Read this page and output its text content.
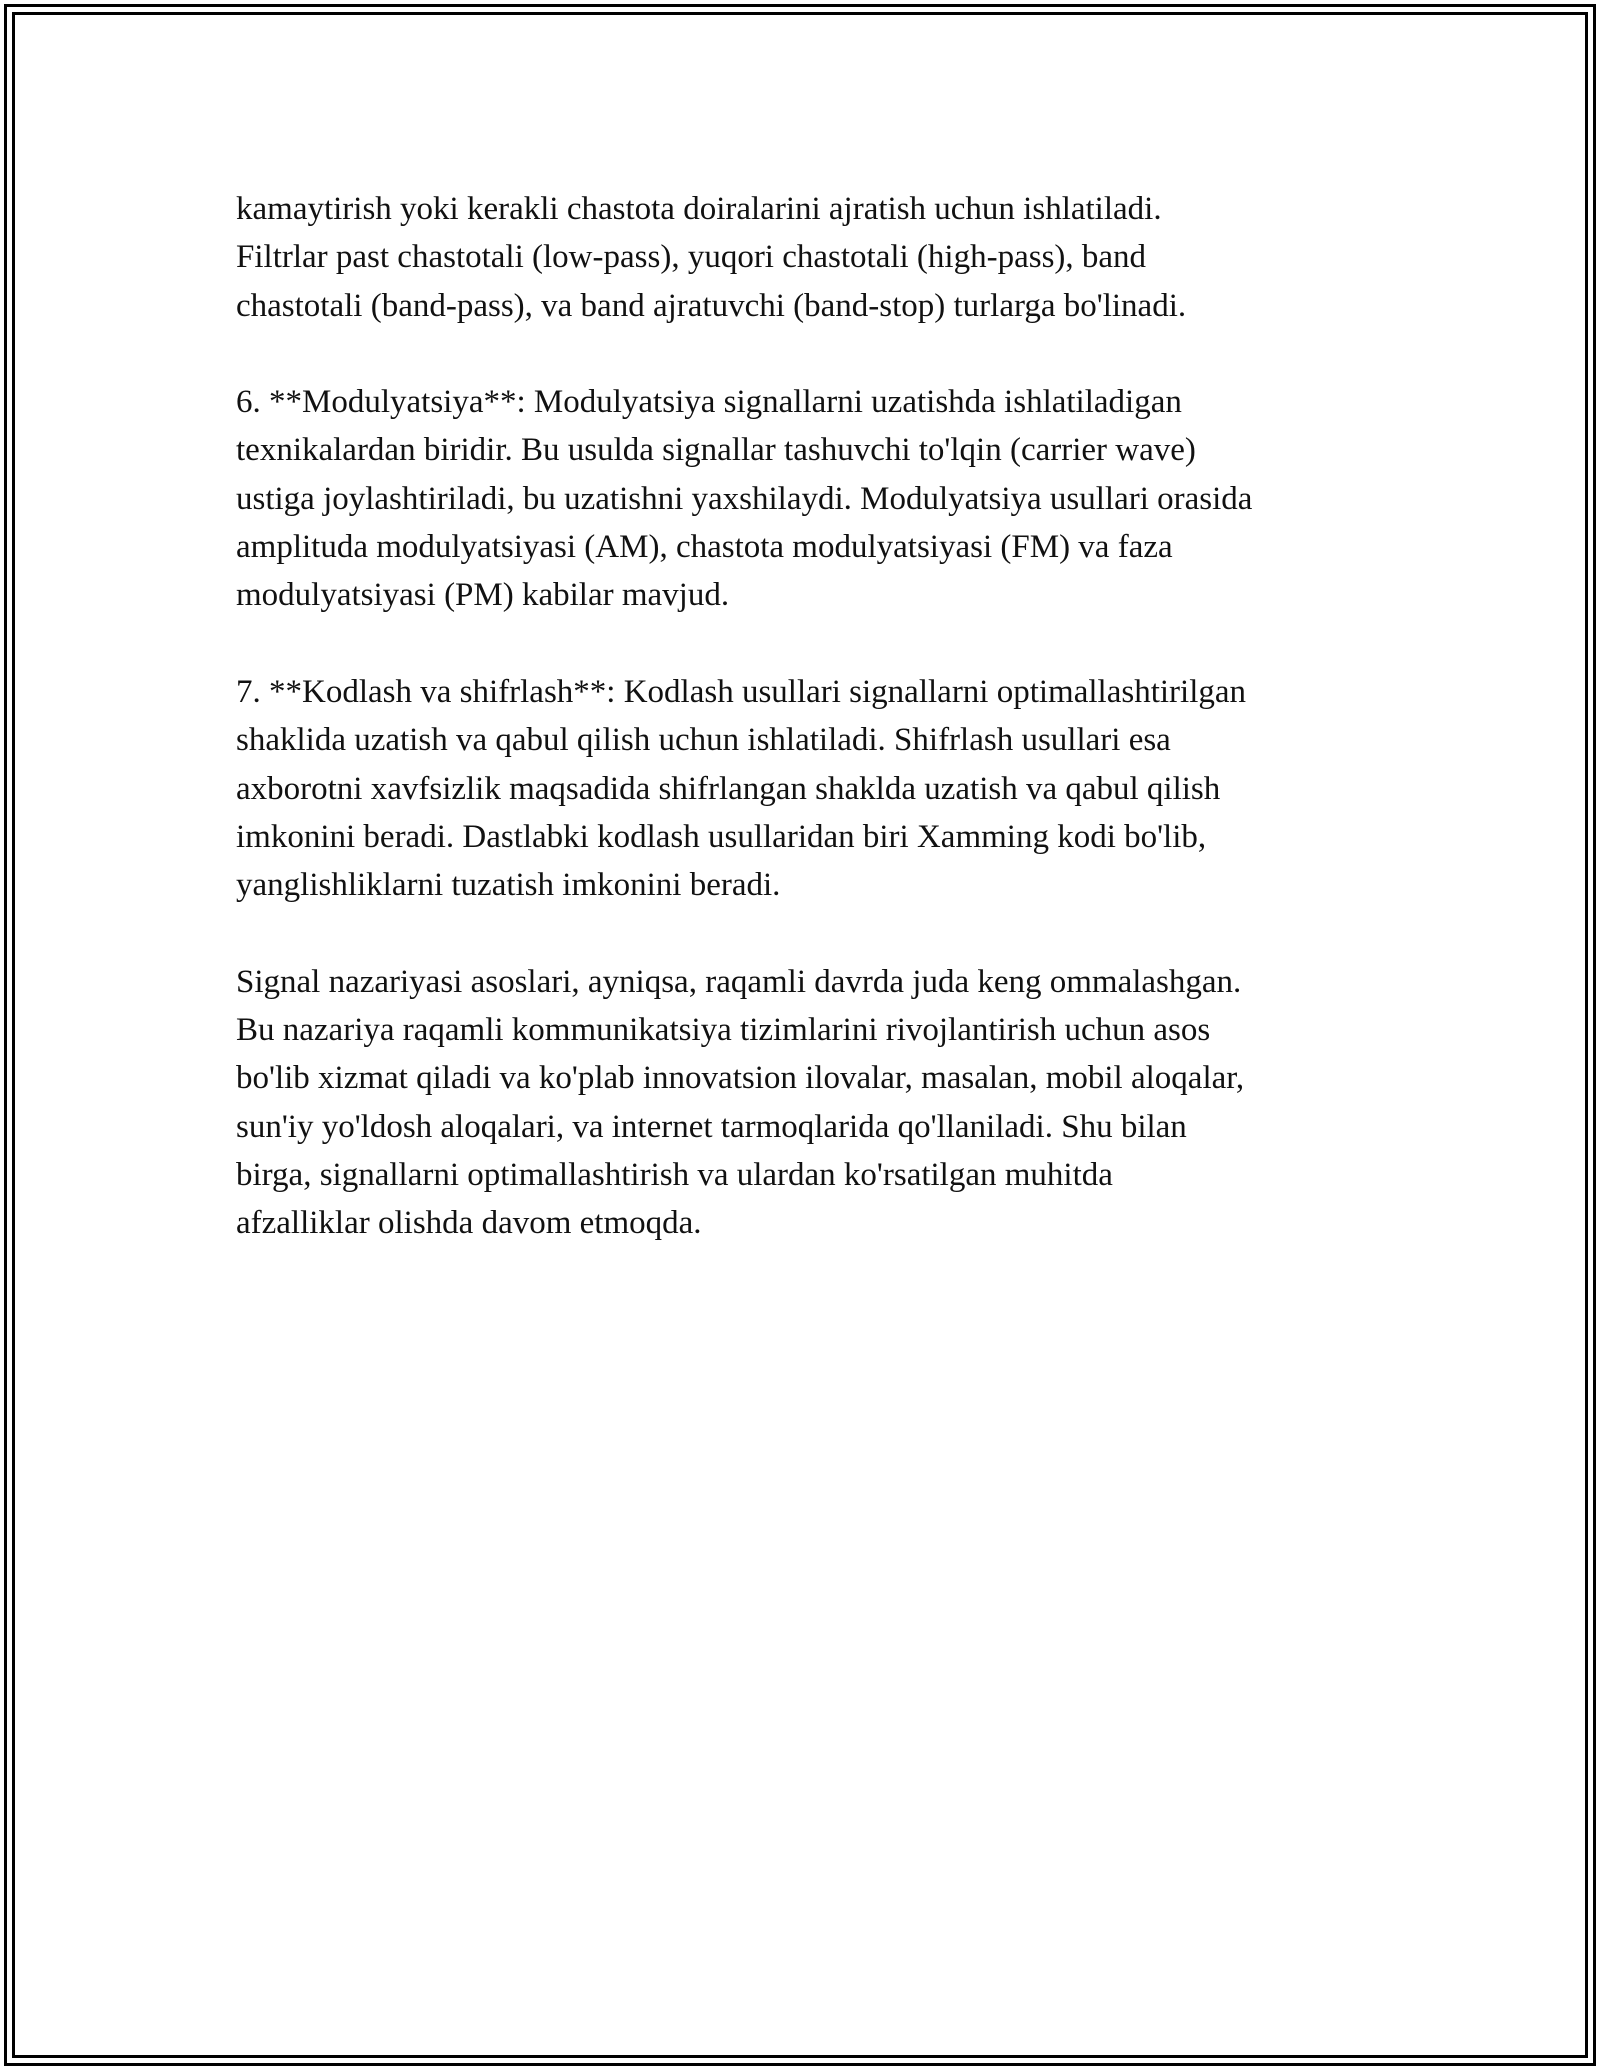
kamaytirish yoki kerakli chastota doiralarini ajratish uchun ishlatiladi.
Filtrlar past chastotali (low-pass), yuqori chastotali (high-pass), band
chastotali (band-pass), va band ajratuvchi (band-stop) turlarga bo'linadi.

6. **Modulyatsiya**: Modulyatsiya signallarni uzatishda ishlatiladigan
texnikalardan biridir. Bu usulda signallar tashuvchi to'lqin (carrier wave)
ustiga joylashtiriladi, bu uzatishni yaxshilaydi. Modulyatsiya usullari orasida
amplituda modulyatsiyasi (AM), chastota modulyatsiyasi (FM) va faza
modulyatsiyasi (PM) kabilar mavjud.

7. **Kodlash va shifrlash**: Kodlash usullari signallarni optimallashtirilgan
shaklida uzatish va qabul qilish uchun ishlatiladi. Shifrlash usullari esa
axborotni xavfsizlik maqsadida shifrlangan shaklda uzatish va qabul qilish
imkonini beradi. Dastlabki kodlash usullaridan biri Xamming kodi bo'lib,
yanglishliklarni tuzatish imkonini beradi.

Signal nazariyasi asoslari, ayniqsa, raqamli davrda juda keng ommalashgan.
Bu nazariya raqamli kommunikatsiya tizimlarini rivojlantirish uchun asos
bo'lib xizmat qiladi va ko'plab innovatsion ilovalar, masalan, mobil aloqalar,
sun'iy yo'ldosh aloqalari, va internet tarmoqlarida qo'llaniladi. Shu bilan
birga, signallarni optimallashtirish va ulardan ko'rsatilgan muhitda
afzalliklar olishda davom etmoqda.
